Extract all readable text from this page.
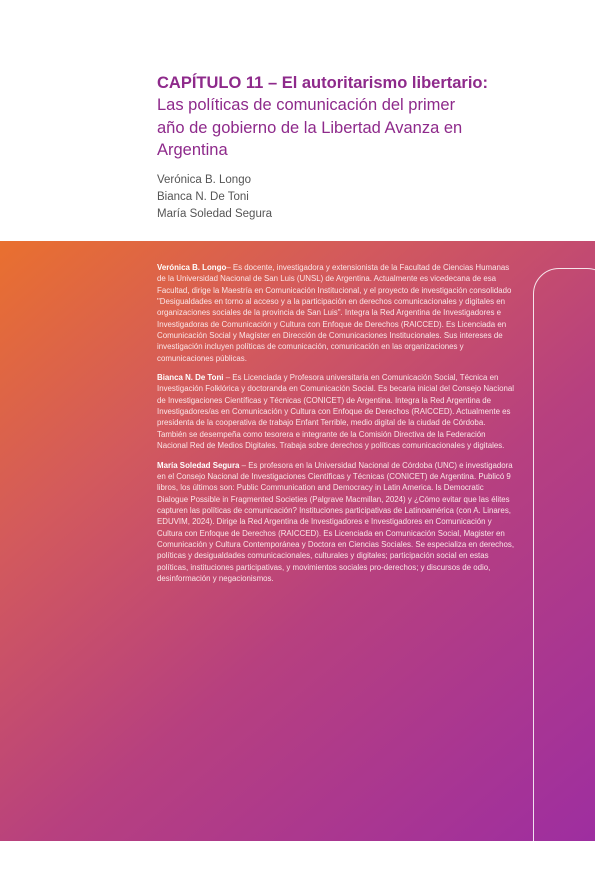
CAPÍTULO 11 – El autoritarismo libertario:
Las políticas de comunicación del primer
año de gobierno de la Libertad Avanza en
Argentina
Verónica B. Longo
Bianca N. De Toni
María Soledad Segura

Verónica B. Longo– Es docente, investigadora y extensionista de la Facultad de Ciencias Humanas de la Universidad Nacional de San Luis (UNSL) de Argentina. Actualmente es vicedecana de esa Facultad, dirige la Maestría en Comunicación Institucional, y el proyecto de investigación consolidado "Desigualdades en torno al acceso y a la participación en derechos comunicacionales y digitales en organizaciones sociales de la provincia de San Luis". Integra la Red Argentina de Investigadores e Investigadoras de Comunicación y Cultura con Enfoque de Derechos (RAICCED). Es Licenciada en Comunicación Social y Magíster en Dirección de Comunicaciones Institucionales. Sus intereses de investigación incluyen políticas de comunicación, comunicación en las organizaciones y comunicaciones públicas.

Bianca N. De Toni – Es Licenciada y Profesora universitaria en Comunicación Social, Técnica en Investigación Folklórica y doctoranda en Comunicación Social. Es becaria inicial del Consejo Nacional de Investigaciones Científicas y Técnicas (CONICET) de Argentina. Integra la Red Argentina de Investigadores/as en Comunicación y Cultura con Enfoque de Derechos (RAICCED). Actualmente es presidenta de la cooperativa de trabajo Enfant Terrible, medio digital de la ciudad de Córdoba. También se desempeña como tesorera e integrante de la Comisión Directiva de la Federación Nacional Red de Medios Digitales. Trabaja sobre derechos y políticas comunicacionales y digitales.

María Soledad Segura – Es profesora en la Universidad Nacional de Córdoba (UNC) e investigadora en el Consejo Nacional de Investigaciones Científicas y Técnicas (CONICET) de Argentina. Publicó 9 libros, los últimos son: Public Communication and Democracy in Latin America. Is Democratic Dialogue Possible in Fragmented Societies (Palgrave Macmillan, 2024) y ¿Cómo evitar que las élites capturen las políticas de comunicación? Instituciones participativas de Latinoamérica (con A. Linares, EDUVIM, 2024). Dirige la Red Argentina de Investigadores e Investigadores en Comunicación y Cultura con Enfoque de Derechos (RAICCED). Es Licenciada en Comunicación Social, Magister en Comunicación y Cultura Contemporánea y Doctora en Ciencias Sociales. Se especializa en derechos, políticas y desigualdades comunicacionales, culturales y digitales; participación social en estas políticas, instituciones participativas, y movimientos sociales pro-derechos; y discursos de odio, desinformación y negacionismos.
